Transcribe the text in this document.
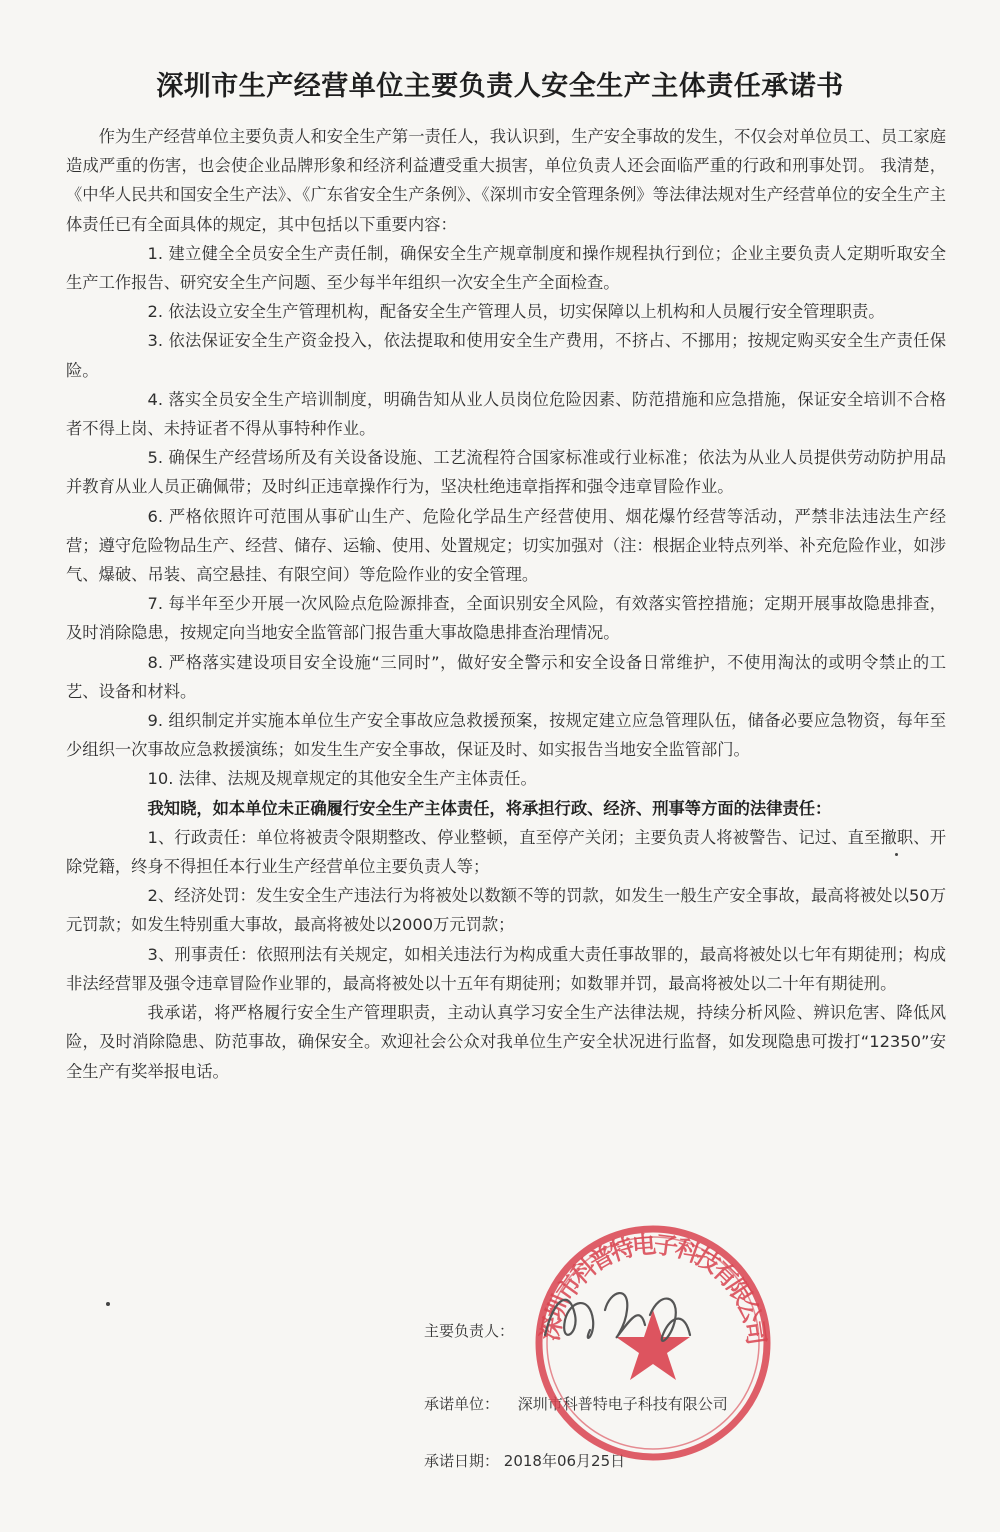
深圳市生产经营单位主要负责人安全生产主体责任承诺书

作为生产经营单位主要负责人和安全生产第一责任人，我认识到，生产安全事故的发生，不仅会对单位员工、员工家庭造成严重的伤害，也会使企业品牌形象和经济利益遭受重大损害，单位负责人还会面临严重的行政和刑事处罚。 我清楚，《中华人民共和国安全生产法》、《广东省安全生产条例》、《深圳市安全管理条例》等法律法规对生产经营单位的安全生产主体责任已有全面具体的规定，其中包括以下重要内容：

1. 建立健全全员安全生产责任制，确保安全生产规章制度和操作规程执行到位；企业主要负责人定期听取安全生产工作报告、研究安全生产问题、至少每半年组织一次安全生产全面检查。

2. 依法设立安全生产管理机构，配备安全生产管理人员，切实保障以上机构和人员履行安全管理职责。

3. 依法保证安全生产资金投入，依法提取和使用安全生产费用，不挤占、不挪用；按规定购买安全生产责任保险。

4. 落实全员安全生产培训制度，明确告知从业人员岗位危险因素、防范措施和应急措施，保证安全培训不合格者不得上岗、未持证者不得从事特种作业。

5. 确保生产经营场所及有关设备设施、工艺流程符合国家标准或行业标准；依法为从业人员提供劳动防护用品并教育从业人员正确佩带；及时纠正违章操作行为，坚决杜绝违章指挥和强令违章冒险作业。

6. 严格依照许可范围从事矿山生产、危险化学品生产经营使用、烟花爆竹经营等活动，严禁非法违法生产经营；遵守危险物品生产、经营、储存、运输、使用、处置规定；切实加强对（注：根据企业特点列举、补充危险作业，如涉气、爆破、吊装、高空悬挂、有限空间）等危险作业的安全管理。

7. 每半年至少开展一次风险点危险源排查，全面识别安全风险，有效落实管控措施；定期开展事故隐患排查，及时消除隐患，按规定向当地安全监管部门报告重大事故隐患排查治理情况。

8. 严格落实建设项目安全设施“三同时”，做好安全警示和安全设备日常维护，不使用淘汰的或明令禁止的工艺、设备和材料。

9. 组织制定并实施本单位生产安全事故应急救援预案，按规定建立应急管理队伍，储备必要应急物资，每年至少组织一次事故应急救援演练；如发生生产安全事故，保证及时、如实报告当地安全监管部门。

10. 法律、法规及规章规定的其他安全生产主体责任。

我知晓，如本单位未正确履行安全生产主体责任，将承担行政、经济、刑事等方面的法律责任：

1、行政责任：单位将被责令限期整改、停业整顿，直至停产关闭；主要负责人将被警告、记过、直至撤职、开除党籍，终身不得担任本行业生产经营单位主要负责人等；

2、经济处罚：发生安全生产违法行为将被处以数额不等的罚款，如发生一般生产安全事故，最高将被处以50万元罚款；如发生特别重大事故，最高将被处以2000万元罚款；

3、刑事责任：依照刑法有关规定，如相关违法行为构成重大责任事故罪的，最高将被处以七年有期徒刑；构成非法经营罪及强令违章冒险作业罪的，最高将被处以十五年有期徒刑；如数罪并罚，最高将被处以二十年有期徒刑。

我承诺，将严格履行安全生产管理职责，主动认真学习安全生产法律法规，持续分析风险、辨识危害、降低风险，及时消除隐患、防范事故，确保安全。欢迎社会公众对我单位生产安全状况进行监督，如发现隐患可拨打“12350”安全生产有奖举报电话。

主要负责人：
承诺单位： 深圳市科普特电子科技有限公司
承诺日期： 2018年06月25日
深圳市科普特电子科技有限公司
